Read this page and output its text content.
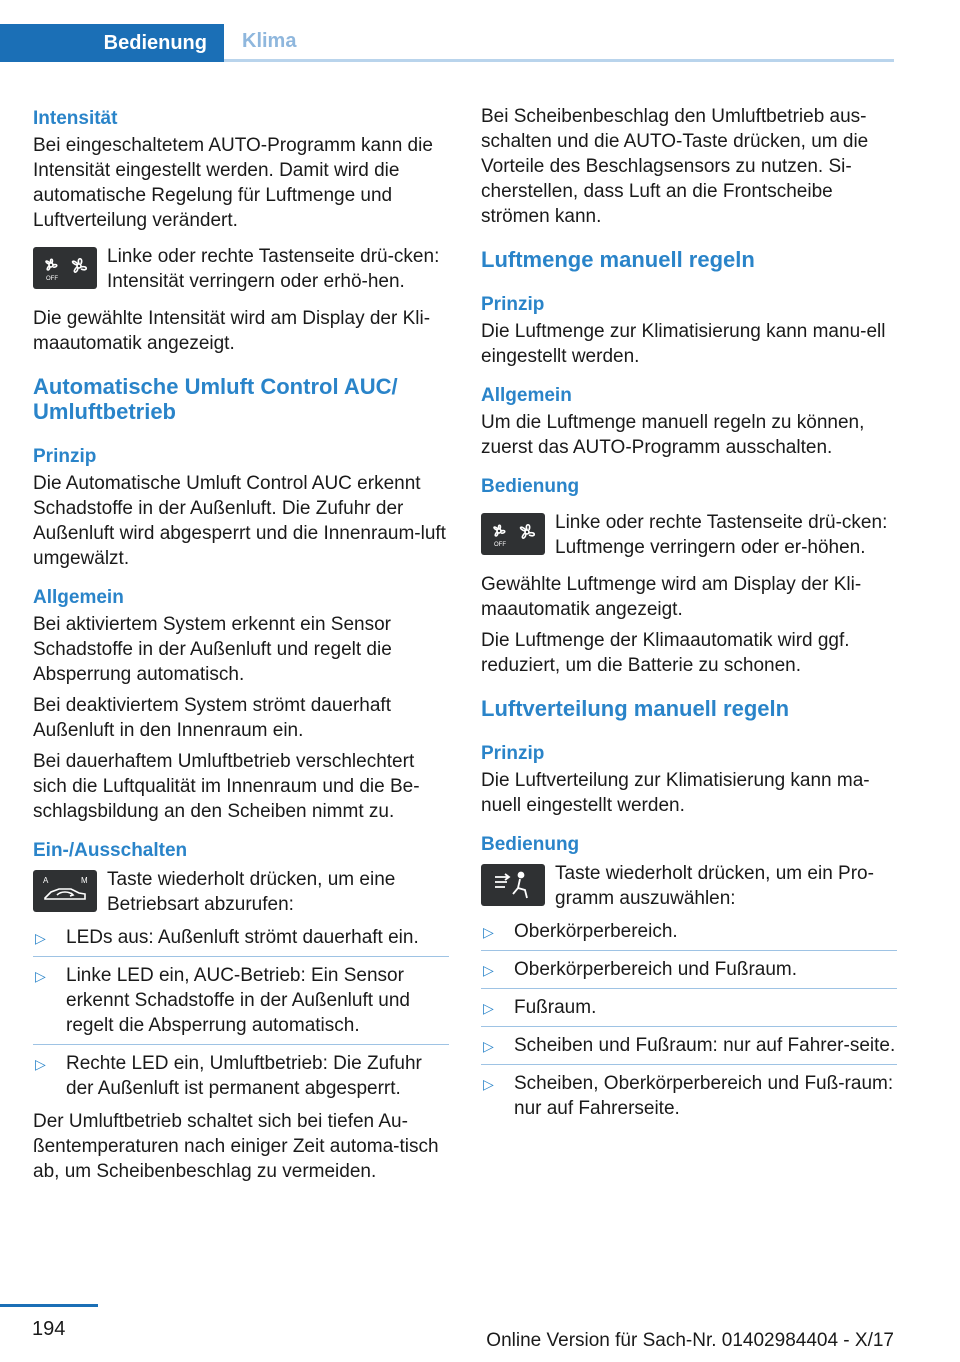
Bedienung	Klima
Intensität
Bei eingeschaltetem AUTO-Programm kann die Intensität eingestellt werden. Damit wird die automatische Regelung für Luftmenge und Luftverteilung verändert.
OFF
Linke oder rechte Tastenseite drü-cken: Intensität verringern oder erhö-hen.
Die gewählte Intensität wird am Display der Kli-maautomatik angezeigt.
Automatische Umluft Control AUC/ Umluftbetrieb
Prinzip
Die Automatische Umluft Control AUC erkennt Schadstoffe in der Außenluft. Die Zufuhr der Außenluft wird abgesperrt und die Innenraum-luft umgewälzt.
Allgemein
Bei aktiviertem System erkennt ein Sensor Schadstoffe in der Außenluft und regelt die Absperrung automatisch.
Bei deaktiviertem System strömt dauerhaft Außenluft in den Innenraum ein.
Bei dauerhaftem Umluftbetrieb verschlechtert sich die Luftqualität im Innenraum und die Be-schlagsbildung an den Scheiben nimmt zu.
Ein-/Ausschalten
A	M	Taste wiederholt drücken, um eine Betriebsart abzurufen:
▷ LEDs aus: Außenluft strömt dauerhaft ein.
▷ Linke LED ein, AUC-Betrieb: Ein Sensor erkennt Schadstoffe in der Außenluft und regelt die Absperrung automatisch.
▷ Rechte LED ein, Umluftbetrieb: Die Zufuhr der Außenluft ist permanent abgesperrt.
Der Umluftbetrieb schaltet sich bei tiefen Au-ßentemperaturen nach einiger Zeit automa-tisch ab, um Scheibenbeschlag zu vermeiden.
Bei Scheibenbeschlag den Umluftbetrieb aus-schalten und die AUTO-Taste drücken, um die Vorteile des Beschlagsensors zu nutzen. Si-cherstellen, dass Luft an die Frontscheibe strömen kann.
Luftmenge manuell regeln
Prinzip
Die Luftmenge zur Klimatisierung kann manu-ell eingestellt werden.
Allgemein
Um die Luftmenge manuell regeln zu können, zuerst das AUTO-Programm ausschalten.
Bedienung
OFF
Linke oder rechte Tastenseite drü-cken: Luftmenge verringern oder er-höhen.
Gewählte Luftmenge wird am Display der Kli-maautomatik angezeigt.
Die Luftmenge der Klimaautomatik wird ggf. reduziert, um die Batterie zu schonen.
Luftverteilung manuell regeln
Prinzip
Die Luftverteilung zur Klimatisierung kann ma-nuell eingestellt werden.
Bedienung
Taste wiederholt drücken, um ein Pro-gramm auszuwählen:
▷ Oberkörperbereich.
▷ Oberkörperbereich und Fußraum.
▷ Fußraum.
▷ Scheiben und Fußraum: nur auf Fahrer-seite.
▷ Scheiben, Oberkörperbereich und Fuß-raum: nur auf Fahrerseite.
194
Online Version für Sach-Nr. 01402984404 - X/17
